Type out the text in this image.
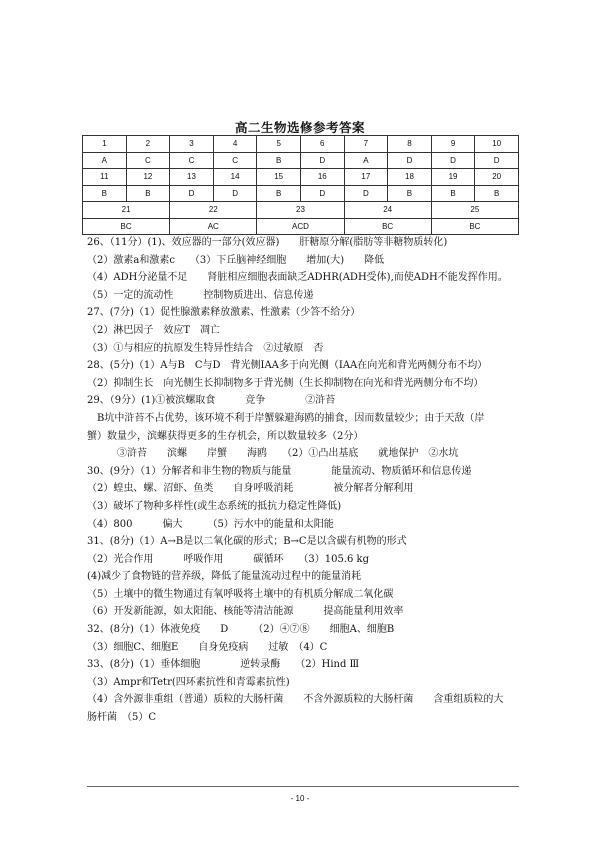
高二生物选修参考答案
1	2	3	4	5	6	7	8	9	10
A	C	C	C	B	D	A	D	D	D
11	12	13	14	15	16	17	18	19	20
B	B	D	D	B	D	D	B	B	B
21		22		23		24		25	
BC		AC		ACD		BC		BC	

26、（11分）(1)、效应器的一部分(效应器)　　肝糖原分解(脂肪等非糖物质转化)

（2）激素a和激素c　　（3）下丘脑神经细胞　　增加(大)　　降低

（4）ADH分泌量不足　　肾脏相应细胞表面缺乏ADHR(ADH受体),而使ADH不能发挥作用。

（5）一定的流动性　　　控制物质进出、信息传递

27、(7分)（1）促性腺激素释放激素、性激素（少答不给分）

（2）淋巴因子　效应T　凋亡

（3）①与相应的抗原发生特异性结合　②过敏原　否

28、(5分)（1）A与B　C与D　背光侧IAA多于向光侧（IAA在向光和背光两侧分布不均）

（2）抑制生长　向光侧生长抑制物多于背光侧（生长抑制物在向光和背光两侧分布不均）

29、（9分）(1)①被滨螺取食　　　竞争　　　　②浒苔

B坑中浒苔不占优势，该环境不利于岸蟹躲避海鸥的捕食，因而数量较少；由于天敌（岸

蟹）数量少，滨螺获得更多的生存机会，所以数量较多（2分）

③浒苔　　滨螺　　岸蟹　　海鸥　　（2）①凸出基底　　就地保护　②水坑

30、(9分）（1）分解者和非生物的物质与能量　　　　能量流动、物质循环和信息传递

（2）蝗虫、螺、沼虾、鱼类　　自身呼吸消耗　　　　被分解者分解利用

（3）破坏了物种多样性(或生态系统的抵抗力稳定性降低)

（4）800　　　偏大　　　（5）污水中的能量和太阳能

31、(8分)（1）A→B是以二氧化碳的形式；B→C是以含碳有机物的形式

（2）光合作用　　　呼吸作用　　　碳循环　　（3）105.6 kg

(4)减少了食物链的营养级，降低了能量流动过程中的能量消耗

（5）土壤中的微生物通过有氧呼吸将土壤中的有机质分解成二氧化碳

（6）开发新能源，如太阳能、核能等清洁能源　　　提高能量利用效率

32、(8分)（1）体液免疫　　D　　　（2）④⑦⑧　　细胞A、细胞B

（3）细胞C、细胞E　　自身免疫病　　过敏　（4）C

33、(8分)（1）垂体细胞　　　　逆转录酶　　（2）Hind Ⅲ

（3）Ampr和Tetr(四环素抗性和青霉素抗性)

（4）含外源非重组（普通）质粒的大肠杆菌　　不含外源质粒的大肠杆菌　　含重组质粒的大

肠杆菌　（5）C

- 10 -
